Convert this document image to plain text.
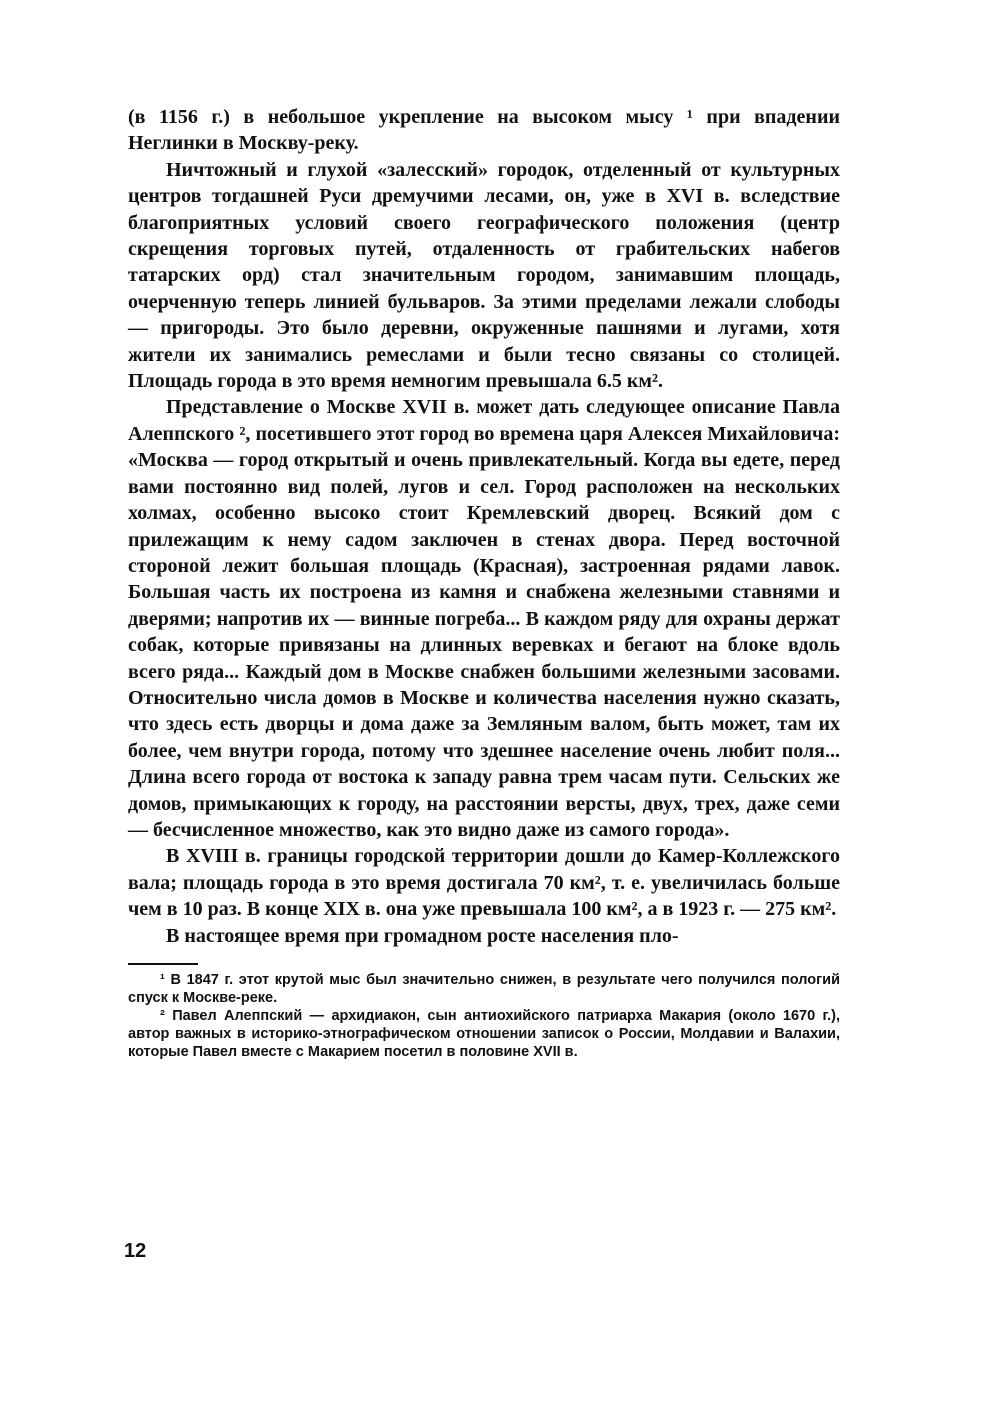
(в 1156 г.) в небольшое укрепление на высоком мысу ¹ при впадении Неглинки в Москву-реку.

Ничтожный и глухой «залесский» городок, отделенный от культурных центров тогдашней Руси дремучими лесами, он, уже в XVI в. вследствие благоприятных условий своего географического положения (центр скрещения торговых путей, отдаленность от грабительских набегов татарских орд) стал значительным городом, занимавшим площадь, очерченную теперь линией бульваров. За этими пределами лежали слободы — пригороды. Это было деревни, окруженные пашнями и лугами, хотя жители их занимались ремеслами и были тесно связаны со столицей. Площадь города в это время немногим превышала 6.5 км².

Представление о Москве XVII в. может дать следующее описание Павла Алеппского ², посетившего этот город во времена царя Алексея Михайловича: «Москва — город открытый и очень привлекательный. Когда вы едете, перед вами постоянно вид полей, лугов и сел. Город расположен на нескольких холмах, особенно высоко стоит Кремлевский дворец. Всякий дом с прилежащим к нему садом заключен в стенах двора. Перед восточной стороной лежит большая площадь (Красная), застроенная рядами лавок. Большая часть их построена из камня и снабжена железными ставнями и дверями; напротив их — винные погреба... В каждом ряду для охраны держат собак, которые привязаны на длинных веревках и бегают на блоке вдоль всего ряда... Каждый дом в Москве снабжен большими железными засовами. Относительно числа домов в Москве и количества населения нужно сказать, что здесь есть дворцы и дома даже за Земляным валом, быть может, там их более, чем внутри города, потому что здешнее население очень любит поля... Длина всего города от востока к западу равна трем часам пути. Сельских же домов, примыкающих к городу, на расстоянии версты, двух, трех, даже семи — бесчисленное множество, как это видно даже из самого города».

В XVIII в. границы городской территории дошли до Камер-Коллежского вала; площадь города в это время достигала 70 км², т. е. увеличилась больше чем в 10 раз. В конце XIX в. она уже превышала 100 км², а в 1923 г. — 275 км².

В настоящее время при громадном росте населения пло-

¹ В 1847 г. этот крутой мыс был значительно снижен, в результате чего получился пологий спуск к Москве-реке.

² Павел Алеппский — архидиакон, сын антиохийского патриарха Макария (около 1670 г.), автор важных в историко-этнографическом отношении записок о России, Молдавии и Валахии, которые Павел вместе с Макарием посетил в половине XVII в.

12
